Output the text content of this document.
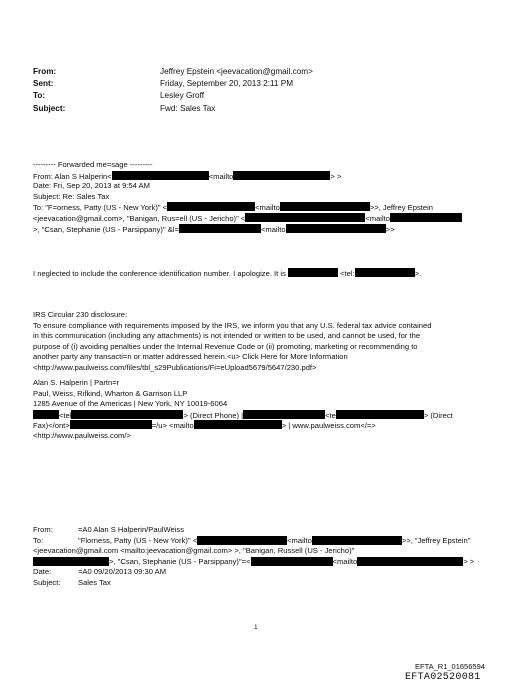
From:	Jeffrey Epstein <jeevacation@gmail.com>
Sent:	Friday, September 20, 2013 2:11 PM
To:	Lesley Groff
Subject:	Fwd: Sales Tax
--------- Forwarded me=sage ---------
From: Alan S Halperin<	<mailto	> >
Date: Fri, Sep 20, 2013 at 9:54 AM
Subject: Re: Sales Tax
To: "F=orness, Patty (US - New York)" <	<mailto	>>, Jeffrey Epstein
<jeevacation@gmail.com>, "Banigan, Rus=ell (US - Jericho)" <	<mailto
>, "Csan, Stephanie (US - Parsippany)" &l=	<mailto	>>
I neglected to include the conference identification number. I apologize. It is	<tel:	>.
IRS Circular 230 disclosure:
To ensure compliance with requirements imposed by the IRS, we inform you that any U.S. federal tax advice contained
in this communication (including any attachments) is not intended or written to be used, and cannot be used, for the
purpose of (i) avoiding penalties under the Internal Revenue Code or (ii) promoting, marketing or recommending to
another party any transacti=n or matter addressed herein.<u> Click Here for More Information
<http://www.paulweiss.com/files/tbl_s29Publications/Fi=eUpload5679/5647/230.pdf>
Alan S. Halperin | Partn=r
Paul, Weiss, Rifkind, Wharton & Garrison LLP
1285 Avenue of the Americas | New York, NY 10019-6064
<tel	> (Direct Phone) |	<te	> (Direct
Fax)</ont>	=/u> <mailto	> | www.paulweiss.com</=>
<http://www.paulweiss.com/>
From:	=A0 Alan S Halperin/PaulWeiss
To:	"Florness, Patty (US - New York)" <	<mailto	>>, "Jeffrey Epstein"
<jeevacation@gmail.com <mailto:jeevacation@gmail.com> >, "Banigan, Russell (US - Jericho)"
>, "Csan, Stephanie (US - Parsippany)"=<	<mailto	> >
Date:	=A0 09/20/2013 09:30 AM
Subject:	Sales Tax
1
EFTA_R1_01656594
EFTA02520081
